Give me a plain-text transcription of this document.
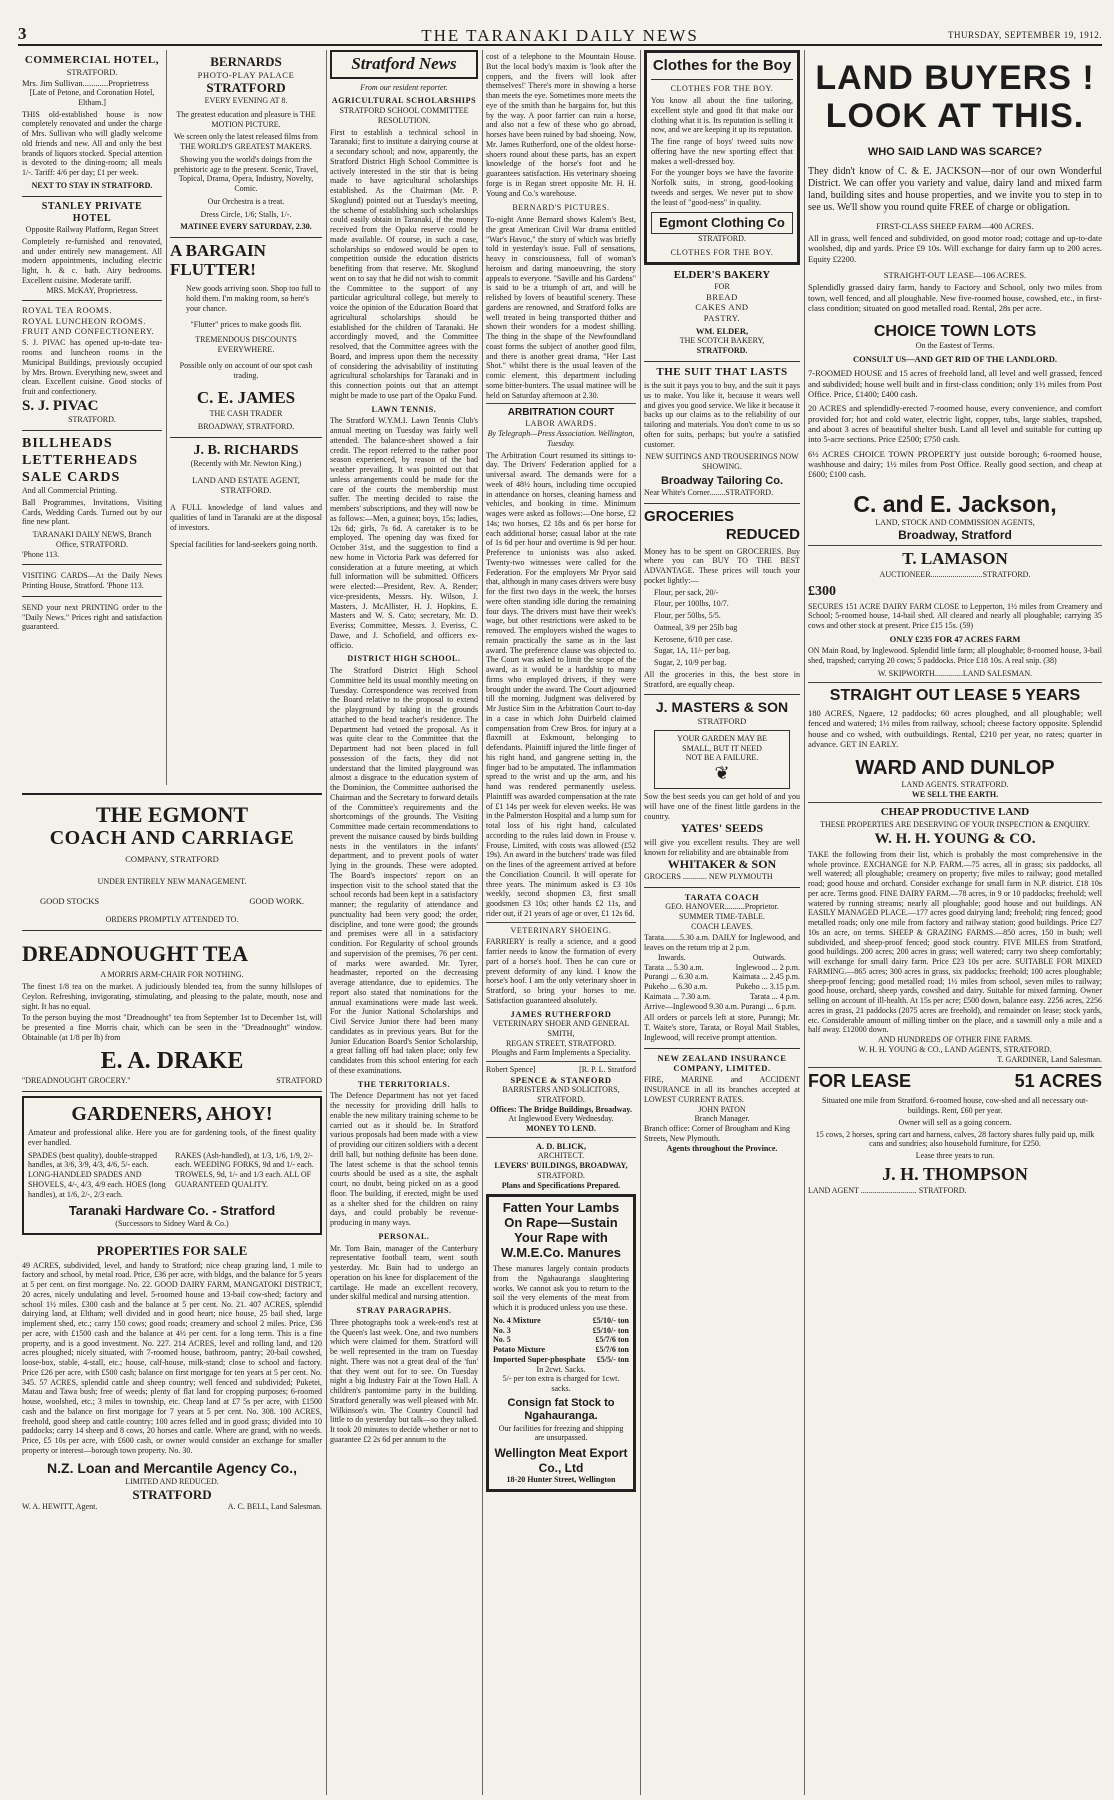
3	THE TARANAKI DAILY NEWS	THURSDAY, SEPTEMBER 19, 1912.
COMMERCIAL HOTEL,
STRATFORD.
Mrs. Jim Sullivan............Proprietress
[Late of Petone, and Coronation Hotel, Eltham.]
THIS old-established house is now completely renovated and under the charge of Mrs. Sullivan who will gladly welcome old friends and new. All and only the best brands of liquors stocked. Special attention is devoted to the dining-room; all meals 1/-. Tariff: 4/6 per day; £1 per week.
NEXT TO STAY IN STRATFORD.
STANLEY PRIVATE HOTEL
Opposite Railway Platform, Regan Street
Completely re-furnished and renovated, and under entirely new management. All modern appointments, including electric light, h. & c. bath. Airy bedrooms. Excellent cuisine. Moderate tariff.
MRS. McKAY, Proprietress.
ROYAL TEA ROOMS.
ROYAL LUNCHEON ROOMS.
FRUIT AND CONFECTIONERY.
S. J. PIVAC has opened up-to-date tea-rooms and luncheon rooms in the Municipal Buildings, previously occupied by Mrs. Brown. Everything new, sweet and clean. Excellent cuisine. Good stocks of fruit and confectionery.
S. J. PIVAC
STRATFORD.
BILLHEADS
LETTERHEADS
SALE CARDS
And all Commercial Printing.
Ball Programmes, Invitations, Visiting Cards, Wedding Cards. Turned out by our fine new plant.
TARANAKI DAILY NEWS, Branch Office, STRATFORD.
'Phone 113.
VISITING CARDS—At the Daily News Printing House, Stratford. 'Phone 113.
SEND your next PRINTING order to the "Daily News." Prices right and satisfaction guaranteed.
BERNARDS
PHOTO-PLAY PALACE
STRATFORD
EVERY EVENING AT 8.
The greatest education and pleasure is THE MOTION PICTURE.
We screen only the latest released films from THE WORLD'S GREATEST MAKERS.
Showing you the world's doings from the prehistoric age to the present. Scenic, Travel, Topical, Drama, Opera, Industry, Novelty, Comic.
Our Orchestra is a treat.
Dress Circle, 1/6; Stalls, 1/-.
MATINEE EVERY SATURDAY, 2.30.
A BARGAIN FLUTTER!
New goods arriving soon. Shop too full to hold them. I'm making room, so here's your chance.
"Flutter" prices to make goods flit.
TREMENDOUS DISCOUNTS EVERYWHERE.
Possible only on account of our spot cash trading.
C. E. JAMES
THE CASH TRADER
BROADWAY, STRATFORD.
J. B. RICHARDS
(Recently with Mr. Newton King.)
LAND AND ESTATE AGENT, STRATFORD.
A FULL knowledge of land values and qualities of land in Taranaki are at the disposal of investors.
Special facilities for land-seekers going north.
Stratford News
From our resident reporter.
AGRICULTURAL SCHOLARSHIPS
STRATFORD SCHOOL COMMITTEE RESOLUTION.
First to establish a technical school in Taranaki; first to institute a dairying course at a secondary school; and now, apparently, the Stratford District High School Committee is actively interested in the stir that is being made to have agricultural scholarships established. As the Chairman (Mr. P. Skoglund) pointed out at Tuesday's meeting, the scheme of establishing such scholarships could easily obtain in Taranaki, if the money received from the Opaku reserve could be made available. Of course, in such a case, scholarships so endowed would be open to competition outside the education districts benefiting from that reserve. Mr. Skoglund went on to say that he did not wish to commit the Committee to the support of any particular agricultural college, but merely to voice the opinion of the Education Board that agricultural scholarships should be established for the children of Taranaki. He accordingly moved, and the Committee resolved, that the Committee agrees with the Board, and impress upon them the necessity of considering the advisability of instituting agricultural scholarships for Taranaki and in this connection points out that an attempt might be made to use part of the Opaku Fund.
LAWN TENNIS.
The Stratford W.Y.M.I. Lawn Tennis Club's annual meeting on Tuesday was fairly well attended. The balance-sheet showed a fair credit. The report referred to the rather poor season experienced, by reason of the bad weather prevailing. It was pointed out that unless arrangements could be made for the care of the courts the membership must suffer. The meeting decided to raise the members' subscriptions, and they will now be as follows:—Men, a guinea; boys, 15s; ladies, 12s 6d; girls, 7s 6d. A caretaker is to be employed. The opening day was fixed for October 31st, and the suggestion to find a new home in Victoria Park was deferred for consideration at a future meeting, at which full information will be submitted. Officers were elected:—President, Rev. A. Render; vice-presidents, Messrs. Hy. Wilson, J. Masters, J. McAllister, H. J. Hopkins, E. Masters and W. S. Cato; secretary, Mr. D. Everiss; Committee, Messrs. J. Everiss, C. Dawe, and J. Schofield, and officers ex-officio.
DISTRICT HIGH SCHOOL.
The Stratford District High School Committee held its usual monthly meeting on Tuesday. Correspondence was received from the Board relative to the proposal to extend the playground by taking in the grounds attached to the head teacher's residence. The Department had vetoed the proposal. As it was quite clear to the Committee that the Department had not been placed in full possession of the facts, they did not understand that the limited playground was almost a disgrace to the education system of the Dominion, the Committee authorised the Chairman and the Secretary to forward details of the Committee's requirements and the shortcomings of the grounds. The Visiting Committee made certain recommendations to prevent the nuisance caused by birds building nests in the ventilators in the infants' department, and to prevent pools of water lying in the grounds. These were adopted. The Board's inspectors' report on an inspection visit to the school stated that the school records had been kept in a satisfactory manner; the regularity of attendance and punctuality had been very good; the order, discipline, and tone were good; the grounds and premises were all in a satisfactory condition. For Regularity of school grounds and supervision of the premises, 76 per cent. of marks were awarded. Mr. Tyrer, headmaster, reported on the decreasing average attendance, due to epidemics. The report also stated that nominations for the annual examinations were made last week. For the Junior National Scholarships and Civil Service Junior there had been many candidates as in previous years. But for the Junior Education Board's Senior Scholarship, a great falling off had taken place; only few candidates from this school entering for each of these examinations.
THE TERRITORIALS.
The Defence Department has not yet faced the necessity for providing drill halls to enable the new military training scheme to be carried out as it should be. In Stratford various proposals had been made with a view of providing our citizen soldiers with a decent drill hall, but nothing definite has been done. The latest scheme is that the school tennis courts should be used as a site, the asphalt court, no doubt, being picked on as a good floor. The building, if erected, might be used as a shelter shed for the children on rainy days, and could probably be revenue-producing in many ways.
PERSONAL.
Mr. Tom Bain, manager of the Canterbury representative football team, went south yesterday. Mr. Bain had to undergo an operation on his knee for displacement of the cartilage. He made an excellent recovery, under skilful medical and nursing attention.
STRAY PARAGRAPHS.
Three photographs took a week-end's rest at the Queen's last week. One, and two numbers which were claimed for them. Stratford will be well represented in the tram on Tuesday night. There was not a great deal of the 'fun' that they went out for to see. On Tuesday night a big Industry Fair at the Town Hall. A children's pantomime party in the building. Stratford generally was well pleased with Mr. Wilkinson's win. The Country Council had little to do yesterday but talk—so they talked. It took 20 minutes to decide whether or not to guarantee £2 2s 6d per annum to the
cost of a telephone to the Mountain House. But the local body's maxim is 'look after the coppers, and the fivers will look after themselves!' There's more in showing a horse than meets the eye. Sometimes more meets the eye of the smith than he bargains for, but this by the way. A poor farrier can ruin a horse, and also not a few of these who go abroad, horses have been ruined by bad shoeing. Now, Mr. James Rutherford, one of the oldest horse-shoers round about these parts, has an expert knowledge of the horse's foot and he guarantees satisfaction. His veterinary shoeing forge is in Regan street opposite Mr. H. H. Young and Co.'s warehouse.
BERNARD'S PICTURES.
To-night Anne Bernard shows Kalem's Best, the great American Civil War drama entitled "War's Havoc," the story of which was briefly told in yesterday's issue. Full of sensations, heavy in consciousness, full of woman's heroism and daring manoeuvring, the story appeals to everyone. "Saville and his Gardens" is said to be a triumph of art, and will be relished by lovers of beautiful scenery. These gardens are renowned, and Stratford folks are well treated in being transported thither and shown their wonders for a modest shilling. The thing in the shape of the Newfoundland coast forms the subject of another good film, and there is another great drama, "Her Last Shot." whilst there is the usual leaven of the comic element, this department including some bitter-bunters. The usual matinee will be held on Saturday afternoon at 2.30.
ARBITRATION COURT
LABOR AWARDS.
By Telegraph—Press Association. Wellington, Tuesday.
The Arbitration Court resumed its sittings to-day. The Drivers' Federation applied for a universal award. The demands were for a week of 48½ hours, including time occupied in attendance on horses, cleaning harness and vehicles, and booking in time. Minimum wages were asked as follows:—One horse, £2 14s; two horses, £2 18s and 6s per horse for each additional horse; casual labor at the rate of 1s 6d per hour and overtime is 9d per hour. Preference to unionists was also asked. Twenty-two witnesses were called for the Federation. For the employers Mr Pryor said that, although in many cases drivers were busy for the first two days in the week, the horses were often standing idle during the remaining four days. The drivers must have their week's wage, but other restrictions were asked to be removed. The employers wished the wages to remain practically the same as in the last award. The preference clause was objected to. The Court was asked to limit the scope of the award, as it would be a hardship to many firms who employed drivers, if they were brought under the award. The Court adjourned till the morning. Judgment was delivered by Mr Justice Sim in the Arbitration Court to-day in a case in which John Duirbeld claimed compensation from Crew Bros. for injury at a flaxmill at Eskmount, belonging to defendants. Plaintiff injured the little finger of his right hand, and gangrene setting in, the finger had to be amputated. The inflammation spread to the wrist and up the arm, and his hand was rendered permanently useless. Plaintiff was awarded compensation at the rate of £1 14s per week for eleven weeks. He was in the Palmerston Hospital and a lump sum for total loss of his right hand, calculated according to the rules laid down in Frouse v. Frouse, Limited, with costs was allowed (£52 19s). An award in the butchers' trade was filed on the lines of the agreement arrived at before the Conciliation Council. It will operate for three years. The minimum asked is £3 10s weekly, second shopmen £3, first small goodsmen £3 10s; other hands £2 11s, and rider out, if 21 years of age or over, £1 12s 6d.
VETERINARY SHOEING.
FARRIERY is really a science, and a good farrier needs to know the formation of every part of a horse's hoof. Then he can cure or prevent deformity of any kind. I know the horse's hoof. I am the only veterinary shoer in Stratford, so bring your horses to me. Satisfaction guaranteed absolutely.
JAMES RUTHERFORD
VETERINARY SHOER AND GENERAL SMITH,
REGAN STREET, STRATFORD.
Ploughs and Farm Implements a Speciality.
Robert Spence]	[R. P. L. Stratford
SPENCE & STANFORD
BARRISTERS AND SOLICITORS,
STRATFORD.
Offices: The Bridge Buildings, Broadway.
At Inglewood Every Wednesday.
MONEY TO LEND.
A. D. BLICK,
ARCHITECT.
LEVERS' BUILDINGS, BROADWAY,
STRATFORD.
Plans and Specifications Prepared.
Fatten Your Lambs On Rape—Sustain Your Rape with W.M.E.Co. Manures
These manures largely contain products from the Ngahauranga slaughtering works. We cannot ask you to return to the soil the very elements of the meat from which it is produced unless you use these.
No. 4 Mixture	£5/10/- ton
No. 3	£5/10/- ton
No. 5	£5/7/6 ton
Potato Mixture	£5/7/6 ton
Imported Super-phosphate £5/5/- ton
In 2cwt. Sacks.
5/- per ton extra is charged for 1cwt. sacks.
Consign fat Stock to Ngahauranga.
Our facilities for freezing and shipping are unsurpassed.
Wellington Meat Export Co., Ltd
18-20 Hunter Street, Wellington
Clothes for the Boy
CLOTHES FOR THE BOY.
You know all about the fine tailoring, excellent style and good fit that make our clothing what it is. Its reputation is selling it now, and we are keeping it up its reputation.
The fine range of boys' tweed suits now offering have the new sporting effect that makes a well-dressed boy.
For the younger boys we have the favorite Norfolk suits, in strong, good-looking tweeds and serges. We never put to show the least of "good-ness" in quality.
Egmont Clothing Co
STRATFORD.
CLOTHES FOR THE BOY.
ELDER'S BAKERY
FOR
BREAD
CAKES AND
PASTRY.
WM. ELDER,
THE SCOTCH BAKERY,
STRATFORD.
THE SUIT THAT LASTS
is the suit it pays you to buy, and the suit it pays us to make. You like it, because it wears well and gives you good service. We like it because it backs up our claims as to the reliability of our tailoring and materials. You don't come to us so often for suits, perhaps; but you're a satisfied customer.
NEW SUITINGS AND TROUSERINGS NOW SHOWING.
Broadway Tailoring Co.
Near White's Corner........STRATFORD.
GROCERIES
REDUCED
Money has to be spent on GROCERIES. Buy where you can BUY TO THE BEST ADVANTAGE. These prices will touch your pocket lightly:—
Flour, per sack, 20/-
Flour, per 100lbs, 10/7.
Flour, per 50lbs, 5/5.
Oatmeal, 3/9 per 25lb bag
Kerosene, 6/10 per case.
Sugar, 1A, 11/- per bag.
Sugar, 2, 10/9 per bag.
All the groceries in this, the best store in Stratford, are equally cheap.
J. MASTERS & SON
STRATFORD
YOUR GARDEN MAY BE
SMALL, BUT IT NEED
NOT BE A FAILURE.
❦
Sow the best seeds you can get hold of and you will have one of the finest little gardens in the country.
YATES' SEEDS
will give you excellent results. They are well known for reliability and are obtainable from
WHITAKER & SON
GROCERS ............ NEW PLYMOUTH
TARATA COACH
GEO. HANOVER..........Proprietor.
SUMMER TIME-TABLE.
COACH LEAVES.
Tarata........5.30 a.m. DAILY for Inglewood, and leaves on the return trip at 2 p.m.
Inwards.	Outwards.
Tarata ... 5.30 a.m.	Inglewood ... 2 p.m.
Purangi ... 6.30 a.m.	Kaimata ... 2.45 p.m.
Pukeho ... 6.30 a.m.	Pukeho ... 3.15 p.m.
Kaimata ... 7.30 a.m.	Tarata ... 4 p.m.
Arrive—Inglewood 9.30 a.m. Purangi ... 6 p.m.
All orders or parcels left at store, Purangi; Mr. T. Waite's store, Tarata, or Royal Mail Stables, Inglewood, will receive prompt attention.
NEW ZEALAND INSURANCE COMPANY, LIMITED.
FIRE, MARINE and ACCIDENT INSURANCE in all its branches accepted at LOWEST CURRENT RATES.
JOHN PATON
Branch Manager.
Branch office: Corner of Brougham and King Streets, New Plymouth.
Agents throughout the Province.
LAND BUYERS !
LOOK AT THIS.
WHO SAID LAND WAS SCARCE?
They didn't know of C. & E. JACKSON—nor of our own Wonderful District. We can offer you variety and value, dairy land and mixed farm land, building sites and house properties, and we invite you to step in to see us. We'll show you round quite FREE of charge or obligation.
FIRST-CLASS SHEEP FARM—400 ACRES.
All in grass, well fenced and subdivided, on good motor road; cottage and up-to-date woolshed, dip and yards. Price £9 10s. Will exchange for dairy farm up to 200 acres. Equity £2200.
STRAIGHT-OUT LEASE—106 ACRES.
Splendidly grassed dairy farm, handy to Factory and School, only two miles from town, well fenced, and all ploughable. New five-roomed house, cowshed, etc., in first-class condition; situated on good metalled road. Rental, 28s per acre.
CHOICE TOWN LOTS
On the Eastest of Terms.
CONSULT US—AND GET RID OF THE LANDLORD.
7-ROOMED HOUSE and 15 acres of freehold land, all level and well grassed, fenced and subdivided; house well built and in first-class condition; only 1½ miles from Post Office. Price, £1400; £400 cash.
20 ACRES and splendidly-erected 7-roomed house, every convenience, and comfort provided for; hot and cold water, electric light, copper, tubs, large stables, trapshed, and about 3 acres of beautiful shelter bush. Land all level and suitable for cutting up into 5-acre sections. Price £2500; £750 cash.
6½ ACRES CHOICE TOWN PROPERTY just outside borough; 6-roomed house, washhouse and dairy; 1½ miles from Post Office. Really good section, and cheap at £600; £100 cash.
C. and E. Jackson,
LAND, STOCK AND COMMISSION AGENTS,
Broadway, Stratford
T. LAMASON
AUCTIONEER..........................STRATFORD.
£300
SECURES 151 ACRE DAIRY FARM CLOSE to Lepperton, 1½ miles from Creamery and School; 5-roomed house, 14-bail shed. All cleared and nearly all ploughable; carrying 35 cows and other stock at present. Price £15 15s. (59)
ONLY £235 FOR 47 ACRES FARM
ON Main Road, by Inglewood. Splendid little farm; all ploughable; 8-roomed house, 3-bail shed, trapshed; carrying 20 cows; 5 paddocks. Price £18 10s. A real snip. (38)
W. SKIPWORTH..............LAND SALESMAN.
STRAIGHT OUT LEASE 5 YEARS
180 ACRES, Ngaere, 12 paddocks; 60 acres ploughed, and all ploughable; well fenced and watered; 1½ miles from railway, school; cheese factory opposite. Splendid house and co wshed, with outbuildings. Rental, £210 per year, no rates; quarter in advance. GET IN EARLY.
WARD AND DUNLOP
LAND AGENTS. STRATFORD.
WE SELL THE EARTH.
CHEAP PRODUCTIVE LAND
THESE PROPERTIES ARE DESERVING OF YOUR INSPECTION & ENQUIRY.
W. H. H. YOUNG & CO.
TAKE the following from their list, which is probably the most comprehensive in the whole province. EXCHANGE for N.P. FARM.—75 acres, all in grass; six paddocks, all well watered; all ploughable; creamery on property; five miles to railway; good metalled road; good house and orchard. Consider exchange for small farm in N.P. district. £18 10s per acre. Terms good. FINE DAIRY FARM.—78 acres, in 9 or 10 paddocks; freehold; well watered by running streams; nearly all ploughable; good house and out buildings. AN EASILY MANAGED PLACE.—177 acres good dairying land; freehold; ring fenced; good metalled roads; only one mile from factory and railway station; good buildings. Price £27 10s an acre, on terms. SHEEP & GRAZING FARMS.—850 acres, 150 in bush; well subdivided, and sheep-proof fenced; good stock country. FIVE MILES from Stratford, good buildings. 200 acres; 200 acres in grass; well watered; carry two sheep comfortably; will exchange for small dairy farm. Price £23 10s per acre. SUITABLE FOR MIXED FARMING.—865 acres; 300 acres in grass, six paddocks; freehold; 100 acres ploughable; sheep-proof fencing; good metalled road; 1½ miles from school, seven miles to railway; good house, orchard, sheep yards, cowshed and dairy. Suitable for mixed farming. Owner selling on account of ill-health. At 15s per acre; £500 down, balance easy. 2256 acres, 2256 acres in grass, 21 paddocks (2075 acres are freehold), and remainder on lease; stock yards, etc. Considerable amount of milling timber on the place, and a sawmill only a mile and a half away. £12000 down.
AND HUNDREDS OF OTHER FINE FARMS.
W. H. H. YOUNG & CO., LAND AGENTS, STRATFORD.
T. GARDINER, Land Salesman.
FOR LEASE	51 ACRES
Situated one mile from Stratford. 6-roomed house, cow-shed and all necessary out-buildings. Rent, £60 per year.
Owner will sell as a going concern.
15 cows, 2 horses, spring cart and harness, calves, 28 factory shares fully paid up, milk cans and sundries; also household furniture, for £250.
Lease three years to run.
J. H. THOMPSON
LAND AGENT ............................ STRATFORD.
THE EGMONT
COACH AND CARRIAGE
COMPANY, STRATFORD
UNDER ENTIRELY NEW MANAGEMENT.
GOOD STOCKS	GOOD WORK.
ORDERS PROMPTLY ATTENDED TO.
DREADNOUGHT TEA
A MORRIS ARM-CHAIR FOR NOTHING.
The finest 1/8 tea on the market. A judiciously blended tea, from the sunny hillslopes of Ceylon. Refreshing, invigorating, stimulating, and pleasing to the palate, mouth, nose and sight. It has no equal.
To the person buying the most "Dreadnought" tea from September 1st to December 1st, will be presented a fine Morris chair, which can be seen in the "Dreadnought" window. Obtainable (at 1/8 per lb) from
E. A. DRAKE
"DREADNOUGHT GROCERY."	STRATFORD
GARDENERS, AHOY!
Amateur and professional alike. Here you are for gardening tools, of the finest quality ever handled.
SPADES (best quality), double-strapped handles, at 3/6, 3/9, 4/3, 4/6, 5/- each. LONG-HANDLED SPADES AND SHOVELS, 4/-, 4/3, 4/9 each. HOES (long handles), at 1/6, 2/-, 2/3 each.
RAKES (Ash-handled), at 1/3, 1/6, 1/9, 2/- each. WEEDING FORKS, 9d and 1/- each. TROWELS, 9d, 1/- and 1/3 each. ALL OF GUARANTEED QUALITY.
Taranaki Hardware Co. - Stratford
(Successors to Sidney Ward & Co.)
PROPERTIES FOR SALE
49 ACRES, subdivided, level, and handy to Stratford; nice cheap grazing land, 1 mile to factory and school, by metal road. Price, £36 per acre, with bldgs, and the balance for 5 years at 5 per cent. on first mortgage. No. 22. GOOD DAIRY FARM, MANGATOKI DISTRICT, 20 acres, nicely undulating and level. 5-roomed house and 13-bail cow-shed; factory and school 1½ miles. £300 cash and the balance at 5 per cent. No. 21. 407 ACRES, splendid dairying land, at Eltham; well divided and in good heart; nice house, 25 bail shed, large implement shed, etc.; carry 150 cows; good roads; creamery and school 2 miles. Price, £36 per acre, with £1500 cash and the balance at 4½ per cent. for a long term. This is a fine property, and is a good investment. No. 227. 214 ACRES, level and rolling land, and 120 acres ploughed; nicely situated, with 7-roomed house, bathroom, pantry; 20-bail cowshed, loose-box, stable, 4-stall, etc.; house, calf-house, milk-stand; close to school and factory. Price £26 per acre, with £500 cash; balance on first mortgage for ten years at 5 per cent. No. 345. 57 ACRES, splendid cattle and sheep country; well fenced and subdivided; Puketei, Matau and Tawa bush; free of weeds; plenty of flat land for cropping purposes; 6-roomed house, woolshed, etc.; 3 miles to township, etc. Cheap land at £7 5s per acre, with £1500 cash and the balance on first mortgage for 7 years at 5 per cent. No. 308. 100 ACRES, freehold, good sheep and cattle country; 100 acres felled and in good grass; divided into 10 paddocks; carry 14 sheep and 8 cows, 20 horses and cattle. Where are grand, with no weeds. Price, £5 10s per acre, with £600 cash, or owner would consider an exchange for smaller property or interest—borough town property. No. 30.
N.Z. Loan and Mercantile Agency Co.,
LIMITED AND REDUCED.
STRATFORD
W. A. HEWITT, Agent.	A. C. BELL, Land Salesman.
